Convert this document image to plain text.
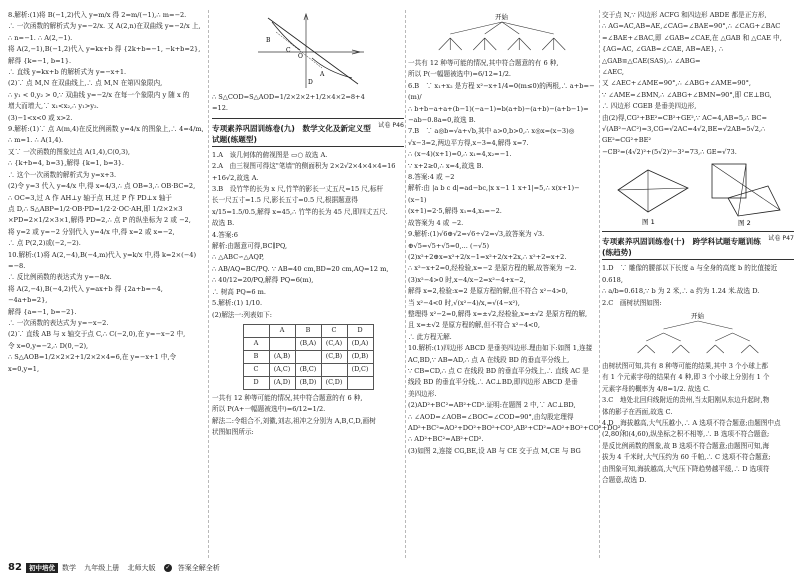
8.解析:(1)将 B(−1,2)代入 y=m/x 得 2=m/(−1),∴ m=−2.

∴ 一次函数的解析式为 y=−2/x. 又 A(2,n)在双曲线 y=−2/x 上,

∴ n=−1. ∴ A(2,−1).

将 A(2,−1),B(−1,2)代入 y=kx+b 得 {2k+b=−1, −k+b=2},解得 {k=−1, b=1}.

∴ 直线 y=kx+b 的解析式为 y=−x+1.

(2)∵ 点 M,N 在双曲线上,∴ 点 M,N 在第四象限内,

∴ y₁ < 0,y₂ > 0,∵ 双曲线 y=−2/x 在每一个象限内 y 随 x 的

增大而增大,∵ x₁<x₂,∴ y₁>y₂.

(3)−1<x<0 或 x>2.

9.解析:(1)∵ 点 A(m,4)在反比例函数 y=4/x 的图象上,∴ 4=4/m,

∴ m=1. ∴ A(1,4).

又∵ 一次函数的图象过点 A(1,4),C(0,3),

∴ {k+b=4, b=3},解得 {k=1, b=3}.

∴ 这个一次函数的解析式为 y=x+3.

(2)令 y=3 代入 y=4/x 中,得 x=4/3,∴ 点 OB=3,∴ OB·BC=2,

∴ OC=3,过 A 作 AH⊥y 轴于点 H,过 P 作 PD⊥x 轴于

点 D,∴ S△ABP=1/2·OB·PD=1/2·2·OC·AH,即 1/2×2×3

×PD=2×1/2×3×1,解得 PD=2,∴ 点 P 的纵坐标为 2 或 −2,

将 y=2 或 y=−2 分别代入 y=4/x 中,得 x=2 或 x=−2,

∴ 点 P(2,2)或(−2,−2).

10.解析:(1)将 A(2,−4),B(−4,m)代入 y=k/x 中,得 k=2×(−4)

=−8.

∴ 反比例函数的表达式为 y=−8/x.

将 A(2,−4),B(−4,2)代入 y=ax+b 得 {2a+b=−4, −4a+b=2},

解得 {a=−1, b=−2}.

∴ 一次函数的表达式为 y=−x−2.

(2)∵ 直线 AB 与 x 轴交于点 C,∴ C(−2,0),在 y=−x−2 中,

令 x=0,y=−2,∴ D(0,−2),

∴ S△AOB=1/2×2×2+1/2×2×4=6,在 y=−x+1 中,令 x=0,y=1,

B
O
A
C
D

∴ S△COD=S△AOD=1/2×2×2+1/2×4×2=8+4

=12.

试卷 P46

专项素养巩固训练卷(九)　数学文化及新定义型试题(练题型)

1.A　该几何体的俯视图是 ▭○ 故选 A.

2.A　由三视图可得这"笔墙"的侧面积为 2×2√2×4×4×4=16

+16√2,故选 A.

3.B　设竹竿的长为 x 尺,竹竿的影长一丈五尺=15 尺,标杆

长一尺五寸=1.5 尺,影长五寸=0.5 尺,根据题意得

x/15=1.5/0.5,解得 x=45,∴ 竹竿的长为 45 尺,即四丈五尺.

故选 B.

4.答案:6

解析:由题意可得,BC∥PQ,

∴ △ABC∽△AQP,

∴ AB/AQ=BC/PQ. ∵ AB=40 cm,BD=20 cm,AQ=12 m,

∴ 40/12=20/PQ,解得 PQ=6(m),

∴ 树高 PQ=6 m.

5.解析:(1) 1/10.

(2)解法一:列表如下:

	A	B	C	D
A		(B,A)	(C,A)	(D,A)
B	(A,B)		(C,B)	(D,B)
C	(A,C)	(B,C)		(D,C)
D	(A,D)	(B,D)	(C,D)	

一共有 12 种等可能的情况,其中符合题意的有 6 种,

所以 P(A+一幅题被选中)=6/12=1/2.

解法二:令组合不,刘徽,刘志,祖冲之分别为 A,B,C,D,画树

状图如图所示:

开始

一共有 12 种等可能的情况,其中符合题意的有 6 种,

所以 P(一幅题被选中)=6/12=1/2.

6.B　∵ x₁+x₂ 是方程 x²−x+1/4=0(m≤0)的两根,∴ a+b=−(m)/

∴ b+b−a+a+(b−1)(−a−1)=b(a+b)−(a+b)−(a+b−1)=

−ab−0.8a=0,故选 B.

7.B　∵ a◎b=√a+√b,其中 a>0,b>0,∴ x◎x=(x−3)◎

√x−3=2,两边平方得,x−3=4,解得 x=7.

∴ (x−4)(x+1)=0,∴ x₁=4,x₂=−1.

∵ x+2≥0,∴ x=4,故选 B.

8.答案:4 或 −2

解析:由 |a b c d|=ad−bc,|x x−1 1 x+1|=5,∴ x(x+1)−(x−1)

(x+1)=2·5,解得 x₁=4,x₂=−2.

故答案为 4 或 −2.

9.解析:(1)√6⊕√2=√6÷√2=√3,故答案为 √3.

⊕√5=√5+√5=0,... (−√5)

(2)x²+2⊕x=x²+2/x−1=x²+2/x+2x,∴ x²+2=x+2.

∴ x²−x+2=0,经检验,x=−2 是原方程的解,故答案为 −2.

(3)x²−4>0 时,x−4/x−2=x²−4+x−2,

解得 x=2,检验:x=2 是原方程的解,但不符合 x²−4>0,

当 x²−4<0 时,√(x²−4)/x,=√(4−x²),

整理得 x²−2=0,解得 x=±√2,经检验,x=±√2 是原方程的解,

且 x=±√2 是原方程的解,但不符合 x²−4<0,

∴ 此方程无解.

10.解析:(1)四边形 ABCD 是垂美四边形.理由如下:如图 1,连接

AC,BD,∵ AB=AD,∴ 点 A 在线段 BD 的垂直平分线上,

∵ CB=CD,∴ 点 C 在线段 BD 的垂直平分线上,∴ 直线 AC 是

线段 BD 的垂直平分线,∴ AC⊥BD,即四边形 ABCD 是垂

美四边形.

(2)AD²+BC²=AB²+CD².证明:在题图 2 中,∵ AC⊥BD,

∴ ∠AOD=∠AOB=∠BOC=∠COD=90°,由勾股定理得

AD²+BC²=AO²+DO²+BO²+CO²,AB²+CD²=AO²+BO²+CO²+DO²,

∴ AD²+BC²=AB²+CD².

(3)如图 2,连接 CG,BE,设 AB 与 CE 交于点 M,CE 与 BG

交于点 N,∵ 四边形 ACFG 和四边形 ABDE 都是正方形,

∴ AG=AC,AB=AE,∠CAG=∠BAE=90°,∴ ∠CAG+∠BAC

=∠BAE+∠BAC,即 ∠GAB=∠CAE,在 △GAB 和 △CAE 中,

{AG=AC, ∠GAB=∠CAE, AB=AE}, ∴ △GAB≌△CAE(SAS),∴ ∠ABG=

∠AEC,

又 ∠AEC+∠AME=90°,∴ ∠ABG+∠AME=90°,

∵ ∠AME=∠BMN,∴ ∠ABG+∠BMN=90°,即 CE⊥BG,

∴ 四边形 CGEB 是垂美四边形,

由(2)得,CG²+BE²=CB²+GE²,∵ AC=4,AB=5,∴ BC=

√(AB²−AC²)=3,CG=√2AC=4√2,BE=√2AB=5√2,∴ GE²=CG²+BE²

−CB²=(4√2)²+(5√2)²−3²=73,∴ GE=√73.

图 1	图 2
试卷 P47

专项素养巩固训练卷(十)　跨学科试题专题训练(练趋势)

1.D　∵ 雕像的腰部以下长度 a 与全身的高度 b 的比值接近

0.618,

∴ a/b=0.618,∵ b 为 2 米,∴ a 约为 1.24 米.故选 D.

2.C　画树状图如图:

开始

由树状图可知,共有 8 种等可能的结果,其中 3 个小球上都

有 1 个元素字母的结果有 4 种,即 3 个小球上分别有 1 个

元素字母的概率为 4/8=1/2. 故选 C.

3.C　地处北回归线附近的贵州,当太阳刚从东边升起时,物

体的影子在西面,故选 C.

4.D　海拔越高,大气压越小,∴ A 选项不符合题意;由题图中点

(2,80)和(4,60),纵坐标之积不相等,∴ B 选项不符合题意;

是反比例函数的图象,故 B 选项不符合题意;由题图可知,海

拔为 4 千米时,大气压约为 60 千帕,∴ C 选项不符合题意;

由图象可知,海拔越高,大气压下降趋势越平缓,∴ D 选项符

合题意,故选 D.

82	初中培优	数学 九年级上册 北师大版 ✓ 答案全解全析
